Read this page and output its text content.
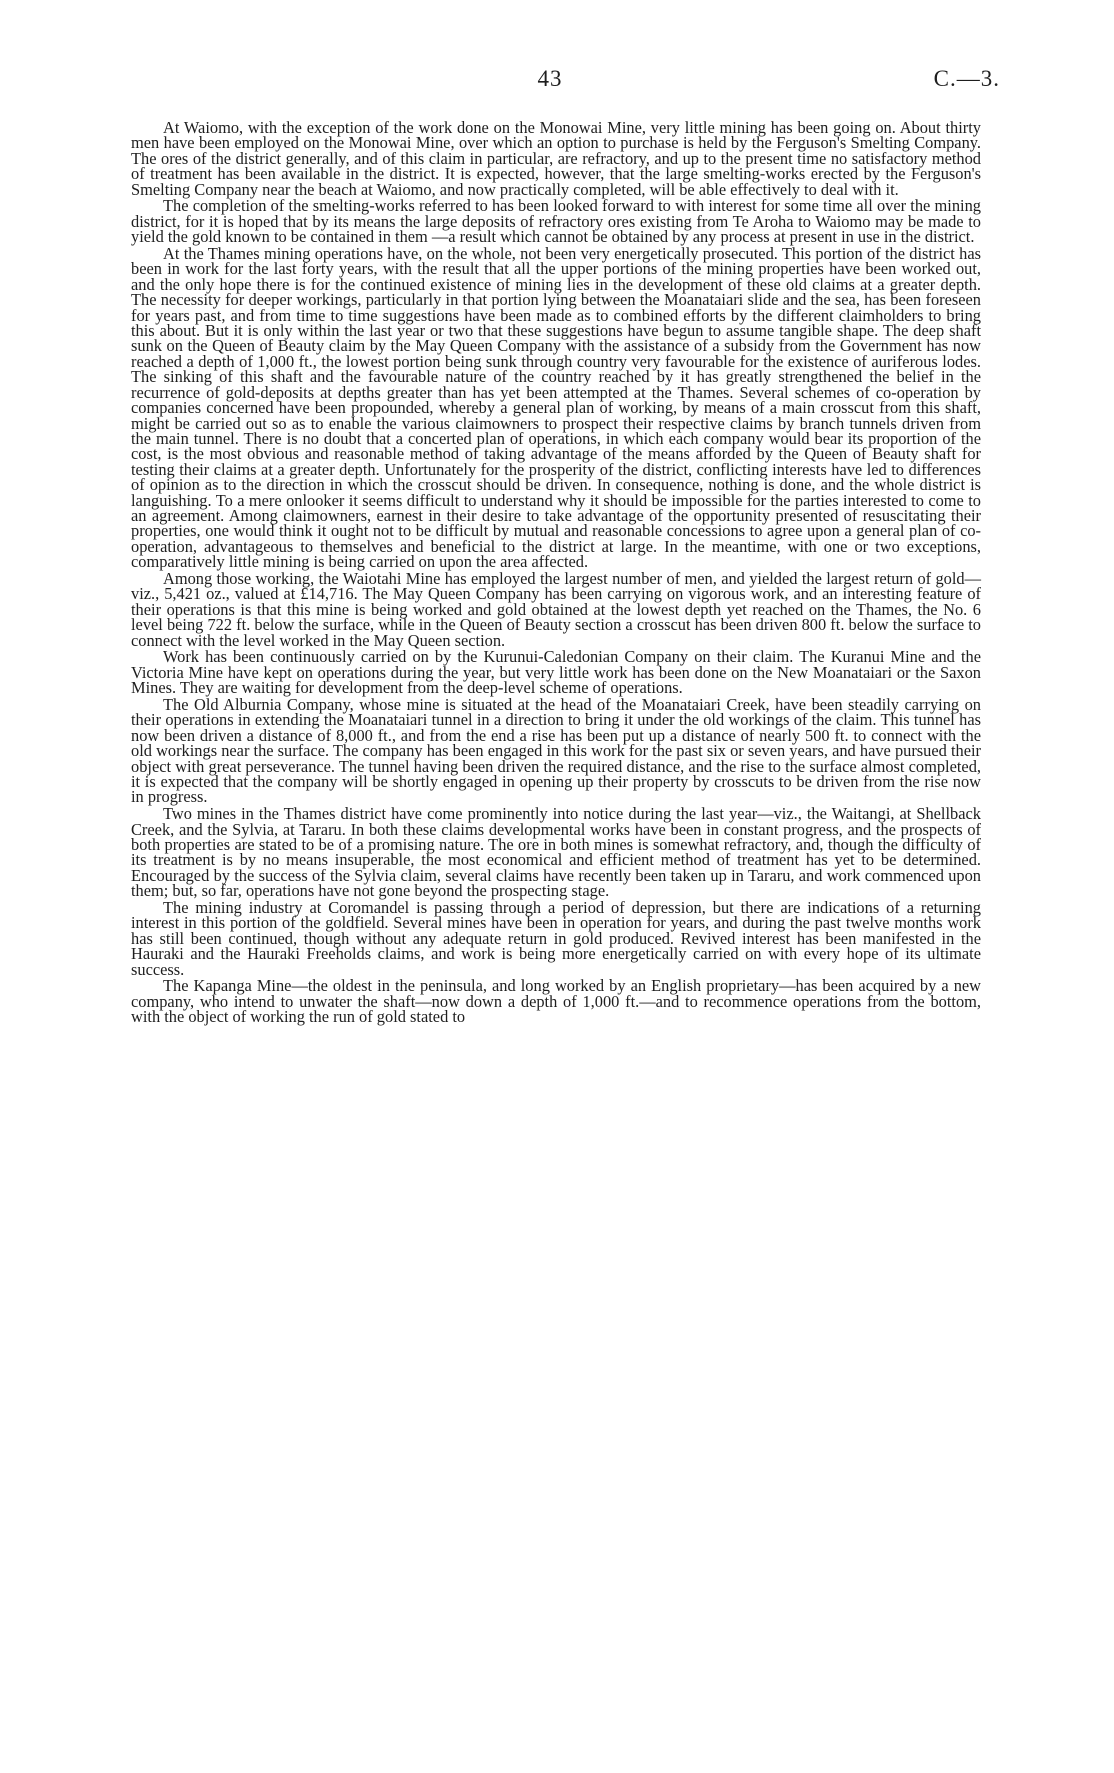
43	C.—3.

At Waiomo, with the exception of the work done on the Monowai Mine, very little mining has been going on. About thirty men have been employed on the Monowai Mine, over which an option to purchase is held by the Ferguson's Smelting Company. The ores of the district generally, and of this claim in particular, are refractory, and up to the present time no satisfactory method of treatment has been available in the district. It is expected, however, that the large smelting-works erected by the Ferguson's Smelting Company near the beach at Waiomo, and now practically completed, will be able effectively to deal with it.

The completion of the smelting-works referred to has been looked forward to with interest for some time all over the mining district, for it is hoped that by its means the large deposits of refractory ores existing from Te Aroha to Waiomo may be made to yield the gold known to be contained in them —a result which cannot be obtained by any process at present in use in the district.

At the Thames mining operations have, on the whole, not been very energetically prosecuted. This portion of the district has been in work for the last forty years, with the result that all the upper portions of the mining properties have been worked out, and the only hope there is for the continued existence of mining lies in the development of these old claims at a greater depth. The necessity for deeper workings, particularly in that portion lying between the Moanataiari slide and the sea, has been foreseen for years past, and from time to time suggestions have been made as to combined efforts by the different claimholders to bring this about. But it is only within the last year or two that these suggestions have begun to assume tangible shape. The deep shaft sunk on the Queen of Beauty claim by the May Queen Company with the assistance of a subsidy from the Government has now reached a depth of 1,000 ft., the lowest portion being sunk through country very favourable for the existence of auriferous lodes. The sinking of this shaft and the favourable nature of the country reached by it has greatly strengthened the belief in the recurrence of gold-deposits at depths greater than has yet been attempted at the Thames. Several schemes of co-operation by companies concerned have been propounded, whereby a general plan of working, by means of a main crosscut from this shaft, might be carried out so as to enable the various claimowners to prospect their respective claims by branch tunnels driven from the main tunnel. There is no doubt that a concerted plan of operations, in which each company would bear its proportion of the cost, is the most obvious and reasonable method of taking advantage of the means afforded by the Queen of Beauty shaft for testing their claims at a greater depth. Unfortunately for the prosperity of the district, conflicting interests have led to differences of opinion as to the direction in which the crosscut should be driven. In consequence, nothing is done, and the whole district is languishing. To a mere onlooker it seems difficult to understand why it should be impossible for the parties interested to come to an agreement. Among claimowners, earnest in their desire to take advantage of the opportunity presented of resuscitating their properties, one would think it ought not to be difficult by mutual and reasonable concessions to agree upon a general plan of co-operation, advantageous to themselves and beneficial to the district at large. In the meantime, with one or two exceptions, comparatively little mining is being carried on upon the area affected.

Among those working, the Waiotahi Mine has employed the largest number of men, and yielded the largest return of gold—viz., 5,421 oz., valued at £14,716. The May Queen Company has been carrying on vigorous work, and an interesting feature of their operations is that this mine is being worked and gold obtained at the lowest depth yet reached on the Thames, the No. 6 level being 722 ft. below the surface, while in the Queen of Beauty section a crosscut has been driven 800 ft. below the surface to connect with the level worked in the May Queen section.

Work has been continuously carried on by the Kurunui-Caledonian Company on their claim. The Kuranui Mine and the Victoria Mine have kept on operations during the year, but very little work has been done on the New Moanataiari or the Saxon Mines. They are waiting for development from the deep-level scheme of operations.

The Old Alburnia Company, whose mine is situated at the head of the Moanataiari Creek, have been steadily carrying on their operations in extending the Moanataiari tunnel in a direction to bring it under the old workings of the claim. This tunnel has now been driven a distance of 8,000 ft., and from the end a rise has been put up a distance of nearly 500 ft. to connect with the old workings near the surface. The company has been engaged in this work for the past six or seven years, and have pursued their object with great perseverance. The tunnel having been driven the required distance, and the rise to the surface almost completed, it is expected that the company will be shortly engaged in opening up their property by crosscuts to be driven from the rise now in progress.

Two mines in the Thames district have come prominently into notice during the last year—viz., the Waitangi, at Shellback Creek, and the Sylvia, at Tararu. In both these claims developmental works have been in constant progress, and the prospects of both properties are stated to be of a promising nature. The ore in both mines is somewhat refractory, and, though the difficulty of its treatment is by no means insuperable, the most economical and efficient method of treatment has yet to be determined. Encouraged by the success of the Sylvia claim, several claims have recently been taken up in Tararu, and work commenced upon them; but, so far, operations have not gone beyond the prospecting stage.

The mining industry at Coromandel is passing through a period of depression, but there are indications of a returning interest in this portion of the goldfield. Several mines have been in operation for years, and during the past twelve months work has still been continued, though without any adequate return in gold produced. Revived interest has been manifested in the Hauraki and the Hauraki Freeholds claims, and work is being more energetically carried on with every hope of its ultimate success.

The Kapanga Mine—the oldest in the peninsula, and long worked by an English proprietary—has been acquired by a new company, who intend to unwater the shaft—now down a depth of 1,000 ft.—and to recommence operations from the bottom, with the object of working the run of gold stated to
